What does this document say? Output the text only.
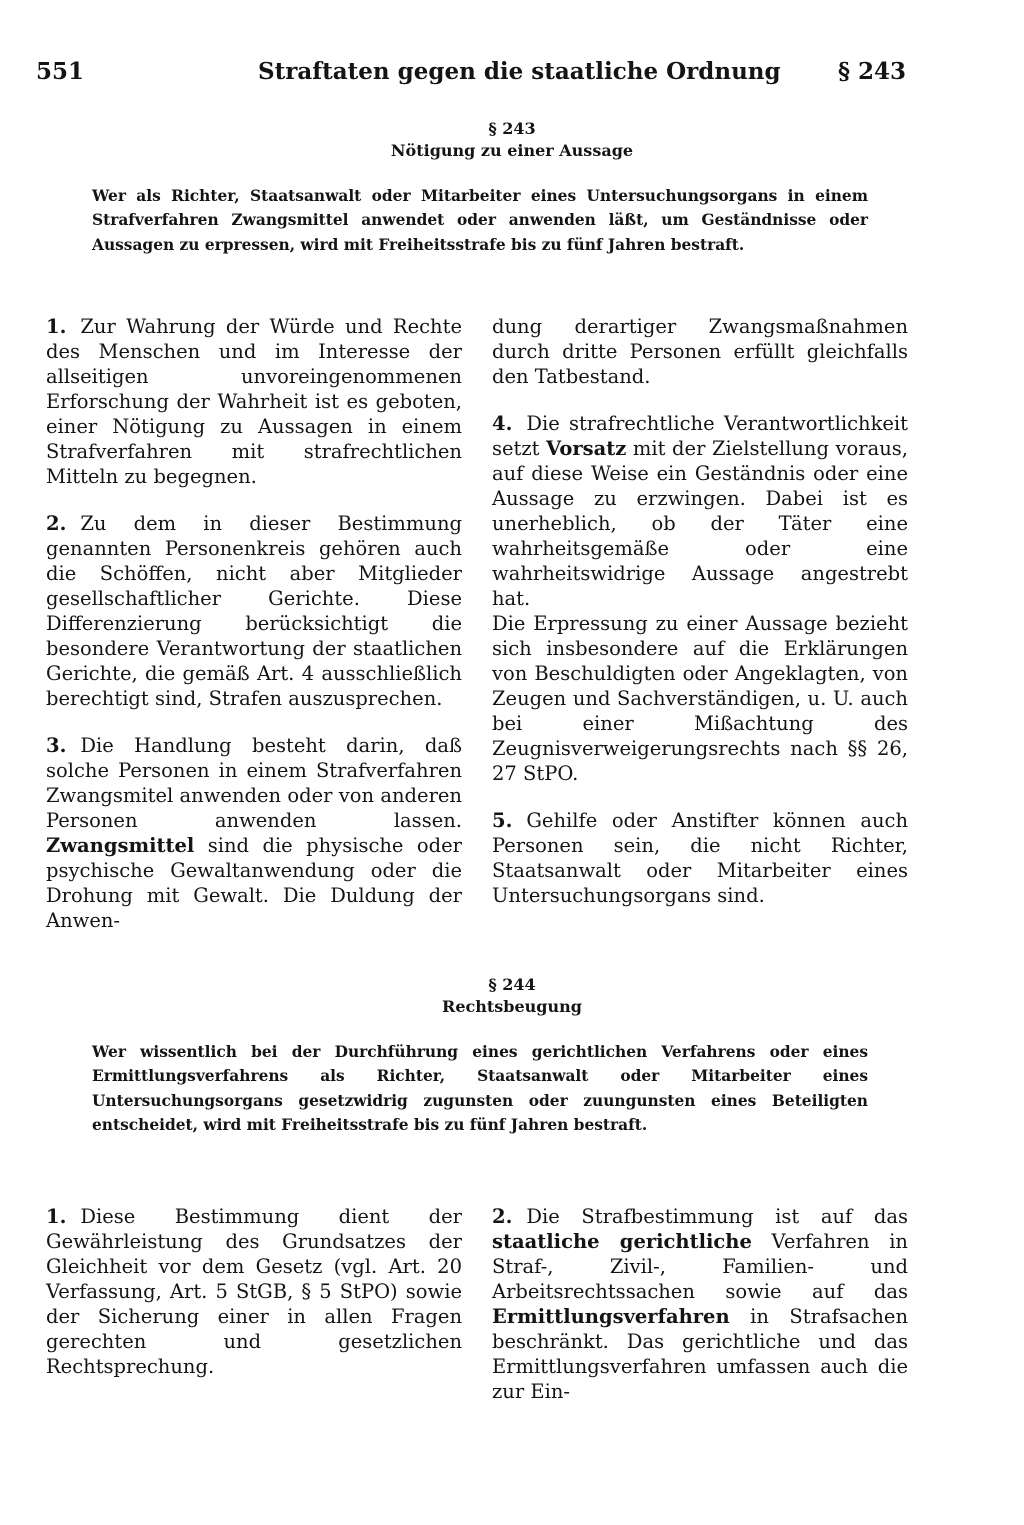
551	Straftaten gegen die staatliche Ordnung § 243
§ 243
Nötigung zu einer Aussage
Wer als Richter, Staatsanwalt oder Mitarbeiter eines Untersuchungsorgans in einem Strafverfahren Zwangsmittel anwendet oder anwenden läßt, um Geständnisse oder Aussagen zu erpressen, wird mit Freiheitsstrafe bis zu fünf Jahren bestraft.

1. Zur Wahrung der Würde und Rechte des Menschen und im Interesse der allseitigen unvoreingenommenen Erforschung der Wahrheit ist es geboten, einer Nötigung zu Aussagen in einem Strafverfahren mit strafrechtlichen Mitteln zu begegnen.

2. Zu dem in dieser Bestimmung genannten Personenkreis gehören auch die Schöffen, nicht aber Mitglieder gesellschaftlicher Gerichte. Diese Differenzierung berücksichtigt die besondere Verantwortung der staatlichen Gerichte, die gemäß Art. 4 ausschließlich berechtigt sind, Strafen auszusprechen.

3. Die Handlung besteht darin, daß solche Personen in einem Strafverfahren Zwangsmitel anwenden oder von anderen Personen anwenden lassen. Zwangsmittel sind die physische oder psychische Gewaltanwendung oder die Drohung mit Gewalt. Die Duldung der Anwen-

dung derartiger Zwangsmaßnahmen durch dritte Personen erfüllt gleichfalls den Tatbestand.

4. Die strafrechtliche Verantwortlichkeit setzt Vorsatz mit der Zielstellung voraus, auf diese Weise ein Geständnis oder eine Aussage zu erzwingen. Dabei ist es unerheblich, ob der Täter eine wahrheitsgemäße oder eine wahrheitswidrige Aussage angestrebt hat.

Die Erpressung zu einer Aussage bezieht sich insbesondere auf die Erklärungen von Beschuldigten oder Angeklagten, von Zeugen und Sachverständigen, u. U. auch bei einer Mißachtung des Zeugnisverweigerungsrechts nach §§ 26, 27 StPO.

5. Gehilfe oder Anstifter können auch Personen sein, die nicht Richter, Staatsanwalt oder Mitarbeiter eines Untersuchungsorgans sind.

§ 244
Rechtsbeugung
Wer wissentlich bei der Durchführung eines gerichtlichen Verfahrens oder eines Ermittlungsverfahrens als Richter, Staatsanwalt oder Mitarbeiter eines Untersuchungsorgans gesetzwidrig zugunsten oder zuungunsten eines Beteiligten entscheidet, wird mit Freiheitsstrafe bis zu fünf Jahren bestraft.

1. Diese Bestimmung dient der Gewährleistung des Grundsatzes der Gleichheit vor dem Gesetz (vgl. Art. 20 Verfassung, Art. 5 StGB, § 5 StPO) sowie der Sicherung einer in allen Fragen gerechten und gesetzlichen Rechtsprechung.

2. Die Strafbestimmung ist auf das staatliche gerichtliche Verfahren in Straf-, Zivil-, Familien- und Arbeitsrechtssachen sowie auf das Ermittlungsverfahren in Strafsachen beschränkt. Das gerichtliche und das Ermittlungsverfahren umfassen auch die zur Ein-
